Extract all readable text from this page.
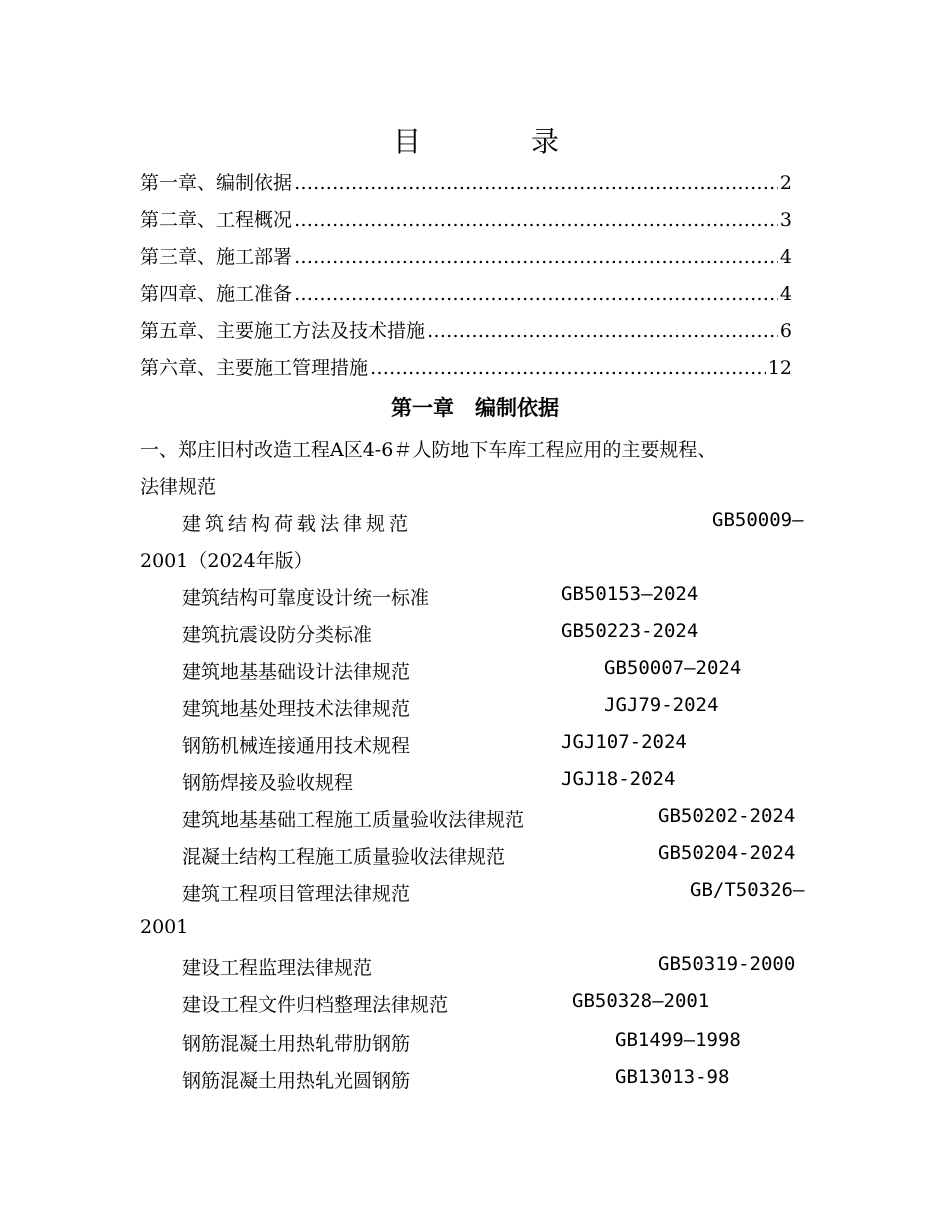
目	录
第一章、编制依据 …………………………………………………………………………………………………………………………………………	2
第二章、工程概况 …………………………………………………………………………………………………………………………………………	3
第三章、施工部署 …………………………………………………………………………………………………………………………………………	4
第四章、施工准备 …………………………………………………………………………………………………………………………………………	4
第五章、主要施工方法及技术措施 …………………………………………………………………………………………………………………………………………	6
第六章、主要施工管理措施 …………………………………………………………………………………………………………………………………………	12
第一章　编制依据
一、郑庄旧村改造工程A区4-6＃人防地下车库工程应用的主要规程、
法律规范
建筑结构荷载法律规范	GB50009—
2001（2024年版）
建筑结构可靠度设计统一标准	GB50153—2024
建筑抗震设防分类标准	GB50223-2024
建筑地基基础设计法律规范	GB50007—2024
建筑地基处理技术法律规范	JGJ79-2024
钢筋机械连接通用技术规程	JGJ107-2024
钢筋焊接及验收规程	JGJ18-2024
建筑地基基础工程施工质量验收法律规范	GB50202-2024
混凝土结构工程施工质量验收法律规范	GB50204-2024
建筑工程项目管理法律规范	GB/T50326—
2001
建设工程监理法律规范	GB50319-2000
建设工程文件归档整理法律规范	GB50328—2001
钢筋混凝土用热轧带肋钢筋	GB1499—1998
钢筋混凝土用热轧光圆钢筋	GB13013-98
